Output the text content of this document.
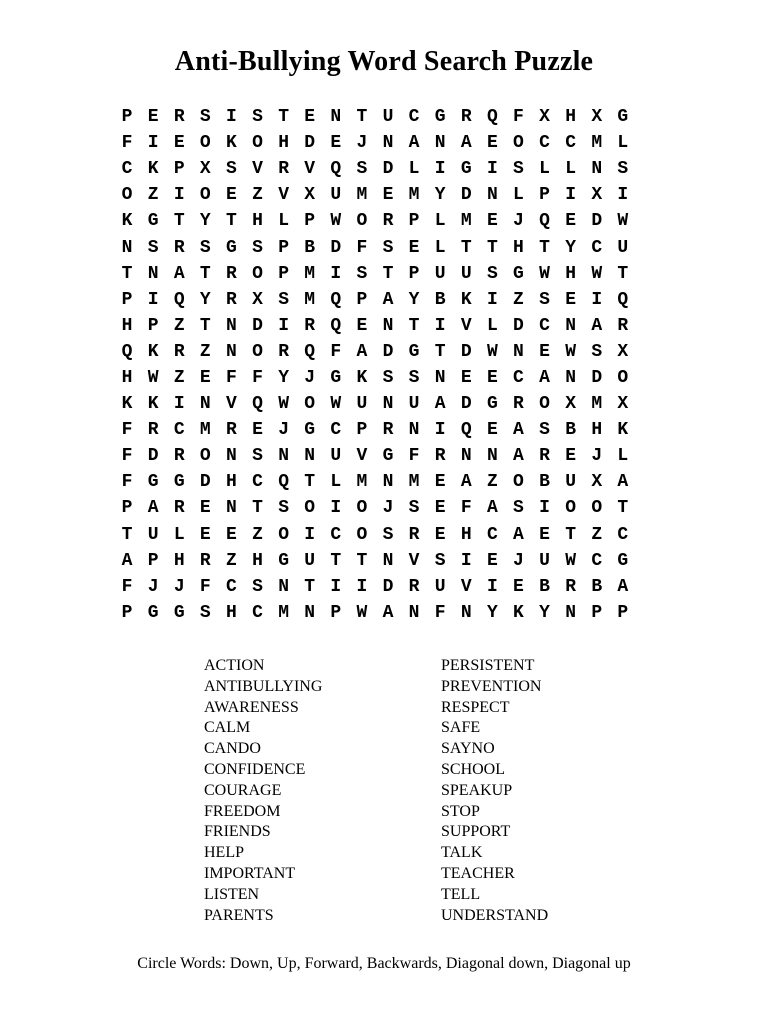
Anti-Bullying Word Search Puzzle
P E R S I S T E N T U C G R Q F X H X G
F I E O K O H D E J N A N A E O C C M L
C K P X S V R V Q S D L I G I S L L N S
O Z I O E Z V X U M E M Y D N L P I X I
K G T Y T H L P W O R P L M E J Q E D W
N S R S G S P B D F S E L T T H T Y C U
T N A T R O P M I S T P U U S G W H W T
P I Q Y R X S M Q P A Y B K I Z S E I Q
H P Z T N D I R Q E N T I V L D C N A R
Q K R Z N O R Q F A D G T D W N E W S X
H W Z E F F Y J G K S S N E E C A N D O
K K I N V Q W O W U N U A D G R O X M X
F R C M R E J G C P R N I Q E A S B H K
F D R O N S N N U V G F R N N A R E J L
F G G D H C Q T L M N M E A Z O B U X A
P A R E N T S O I O J S E F A S I O O T
T U L E E Z O I C O S R E H C A E T Z C
A P H R Z H G U T T N V S I E J U W C G
F J J F C S N T I I D R U V I E B R B A
P G G S H C M N P W A N F N Y K Y N P P
ACTION
ANTIBULLYING
AWARENESS
CALM
CANDO
CONFIDENCE
COURAGE
FREEDOM
FRIENDS
HELP
IMPORTANT
LISTEN
PARENTS
PERSISTENT
PREVENTION
RESPECT
SAFE
SAYNO
SCHOOL
SPEAKUP
STOP
SUPPORT
TALK
TEACHER
TELL
UNDERSTAND
Circle Words: Down, Up, Forward, Backwards, Diagonal down, Diagonal up
